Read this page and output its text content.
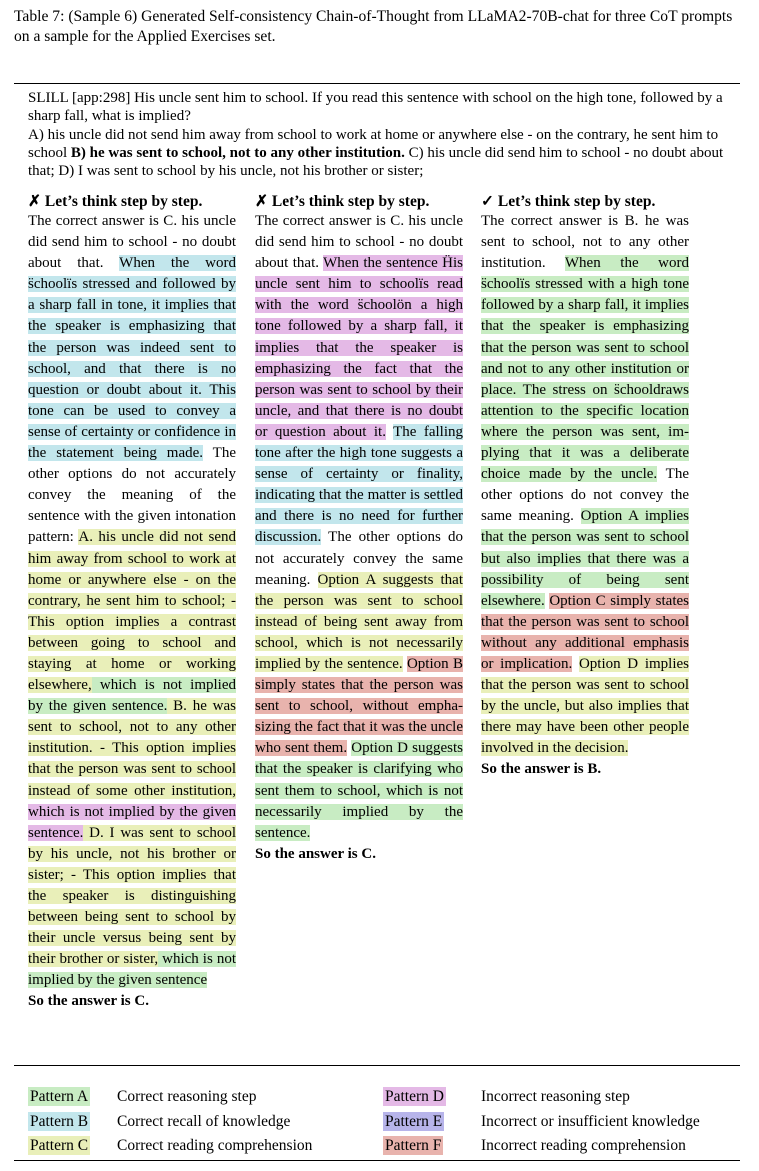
Table 7: (Sample 6) Generated Self-consistency Chain-of-Thought from LLaMA2-70B-chat for three CoT prompts on a sample for the Applied Exercises set.
SLILL [app:298] His uncle sent him to school. If you read this sentence with school on the high tone, followed by a sharp fall, what is implied?
A) his uncle did not send him away from school to work at home or anywhere else - on the contrary, he sent him to school B) he was sent to school, not to any other institution. C) his uncle did send him to school - no doubt about that; D) I was sent to school by his uncle, not his brother or sister;
✗ Let’s think step by step.
The correct answer is C. his uncle did send him to school - no doubt about that. When the word s̈choolïs stressed and followed by a sharp fall in tone, it implies that the speaker is emphasizing that the person was indeed sent to school, and that there is no question or doubt about it. This tone can be used to convey a sense of certainty or confidence in the statement being made. The other options do not accurately convey the meaning of the sentence with the given intonation pattern: A. his uncle did not send him away from school to work at home or anywhere else - on the contrary, he sent him to school; - This option implies a contrast between going to school and staying at home or working elsewhere, which is not implied by the given sentence. B. he was sent to school, not to any other institution. - This option implies that the person was sent to school instead of some other institution, which is not implied by the given sentence. D. I was sent to school by his uncle, not his brother or sister; - This option implies that the speaker is distinguishing between being sent to school by their uncle versus being sent by their brother or sister, which is not implied by the given sentence
So the answer is C.
✗ Let’s think step by step.
The correct answer is C. his uncle did send him to school - no doubt about that. When the sentence Ḧis uncle sent him to schoolïs read with the word s̈choolön a high tone followed by a sharp fall, it implies that the speaker is emphasizing the fact that the person was sent to school by their uncle, and that there is no doubt or question about it. The falling tone after the high tone suggests a sense of certainty or finality, indicating that the matter is settled and there is no need for further discussion. The other options do not accurately convey the same meaning. Option A suggests that the person was sent to school instead of being sent away from school, which is not necessarily implied by the sentence. Option B simply states that the person was sent to school, without emphasizing the fact that it was the uncle who sent them. Option D suggests that the speaker is clarifying who sent them to school, which is not necessarily implied by the sentence.
So the answer is C.
✓ Let’s think step by step.
The correct answer is B. he was sent to school, not to any other institution. When the word s̈choolïs stressed with a high tone followed by a sharp fall, it implies that the speaker is emphasizing that the person was sent to school and not to any other institution or place. The stress on s̈chooldraws attention to the specific location where the person was sent, implying that it was a deliberate choice made by the uncle. The other options do not convey the same meaning. Option A implies that the person was sent to school but also implies that there was a possibility of being sent elsewhere. Option C simply states that the person was sent to school without any additional emphasis or implication. Option D implies that the person was sent to school by the uncle, but also implies that there may have been other people involved in the decision.
So the answer is B.
Pattern A Correct reasoning step	Pattern D Incorrect reasoning step
Pattern B Correct recall of knowledge	Pattern E	Incorrect or insufficient knowledge
Pattern C Correct reading comprehension	Pattern F	Incorrect reading comprehension
